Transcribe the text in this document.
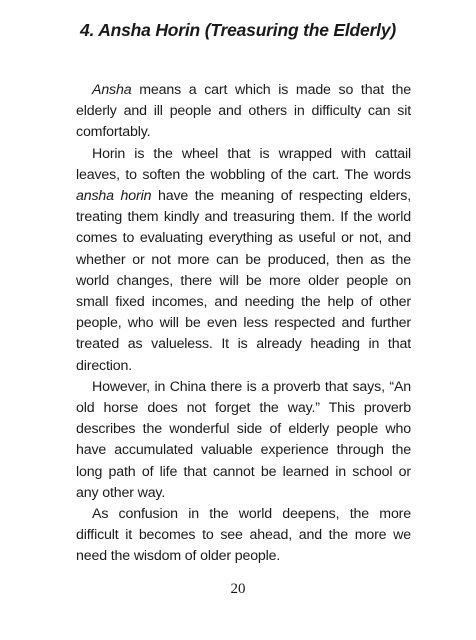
4. Ansha Horin (Treasuring the Elderly)

Ansha means a cart which is made so that the elderly and ill people and others in difficulty can sit comfortably.

Horin is the wheel that is wrapped with cattail leaves, to soften the wobbling of the cart. The words ansha horin have the meaning of respecting elders, treating them kindly and treasuring them. If the world comes to evaluating everything as useful or not, and whether or not more can be produced, then as the world changes, there will be more older people on small fixed incomes, and needing the help of other people, who will be even less respected and further treated as valueless. It is already heading in that direction.

However, in China there is a proverb that says, “An old horse does not forget the way.” This proverb describes the wonderful side of elderly people who have accumulated valuable experience through the long path of life that cannot be learned in school or any other way.

As confusion in the world deepens, the more difficult it becomes to see ahead, and the more we need the wisdom of older people.

20
